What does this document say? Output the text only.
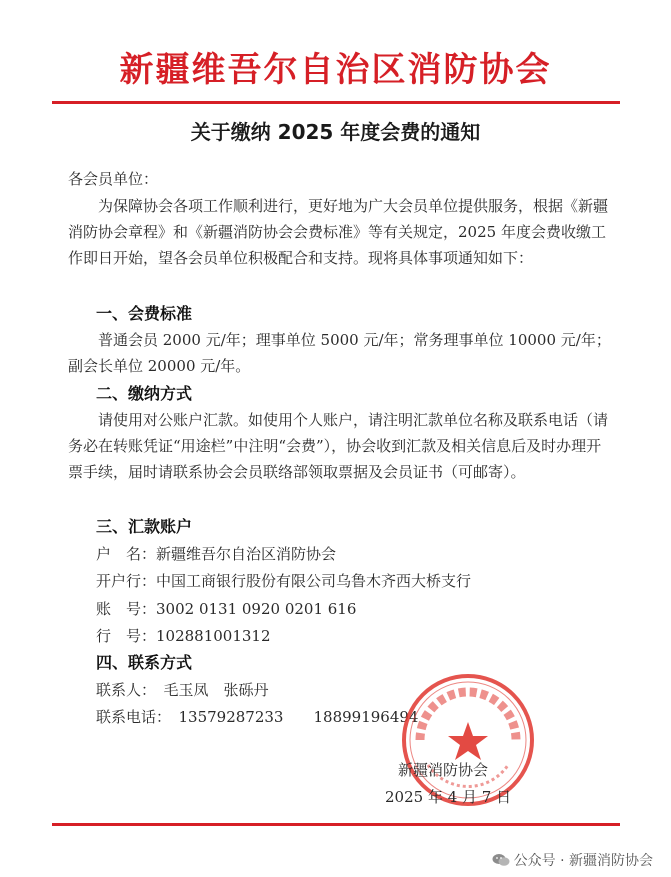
新疆维吾尔自治区消防协会
关于缴纳 2025 年度会费的通知
各会员单位：
为保障协会各项工作顺利进行，更好地为广大会员单位提供服务，根据《新疆消防协会章程》和《新疆消防协会会费标准》等有关规定，2025 年度会费收缴工作即日开始，望各会员单位积极配合和支持。现将具体事项通知如下：
一、会费标准
普通会员 2000 元/年；理事单位 5000 元/年；常务理事单位 10000 元/年；副会长单位 20000 元/年。
二、缴纳方式
请使用对公账户汇款。如使用个人账户，请注明汇款单位名称及联系电话（请务必在转账凭证“用途栏”中注明“会费”），协会收到汇款及相关信息后及时办理开票手续，届时请联系协会会员联络部领取票据及会员证书（可邮寄）。
三、汇款账户
户　名：新疆维吾尔自治区消防协会
开户行：中国工商银行股份有限公司乌鲁木齐西大桥支行
账　号：3002 0131 0920 0201 616
行　号：102881001312
四、联系方式
联系人：　毛玉凤　张砾丹
联系电话：　13579287233　　18899196494
新疆消防协会
2025 年 4 月 7 日
公众号 · 新疆消防协会
